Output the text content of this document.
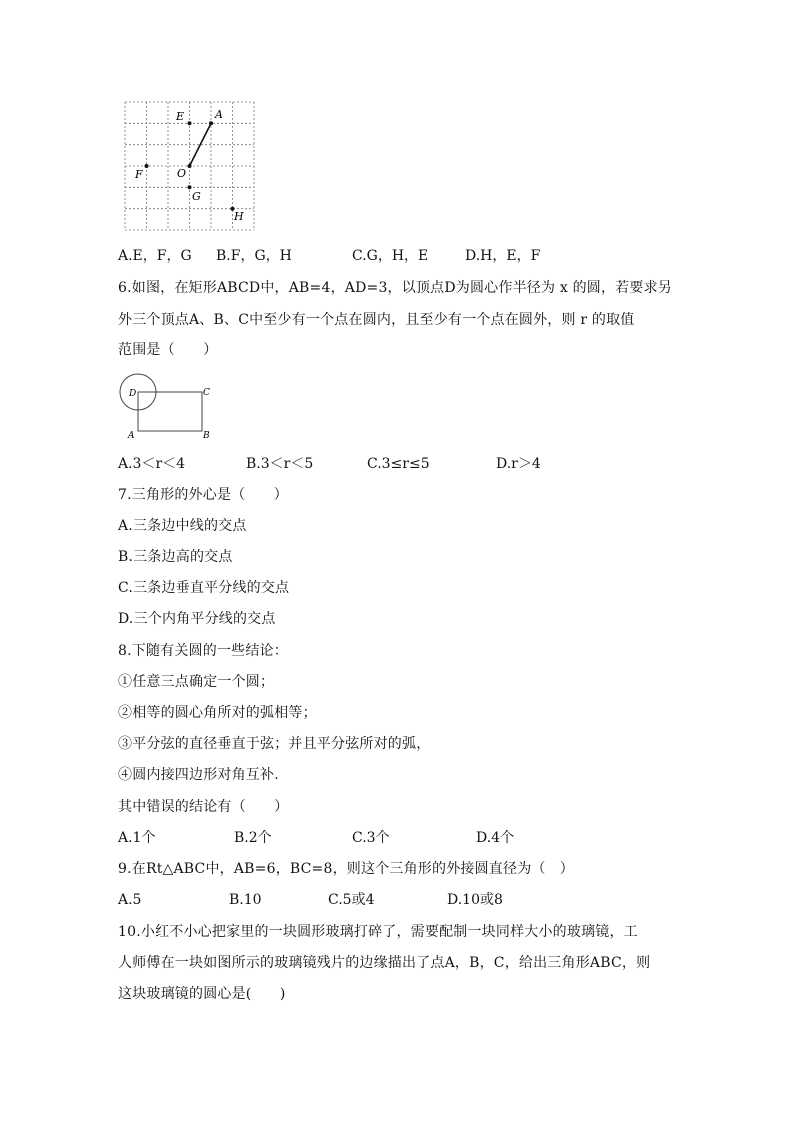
E	A
F	O
G
H
A.E，F，G B.F，G，H	C.G，H，E	D.H，E，F
6.如图，在矩形ABCD中，AB=4，AD=3，以顶点D为圆心作半径为 x 的圆，若要求另
外三个顶点A、B、C中至少有一个点在圆内，且至少有一个点在圆外，则 r 的取值
范围是（　　）
D	C
A	B
A.3＜r＜4	B.3＜r＜5	C.3≤r≤5	D.r＞4
7.三角形的外心是（　　）
A.三条边中线的交点
B.三条边高的交点
C.三条边垂直平分线的交点
D.三个内角平分线的交点
8.下随有关圆的一些结论：
①任意三点确定一个圆；
②相等的圆心角所对的弧相等；
③平分弦的直径垂直于弦；并且平分弦所对的弧，
④圆内接四边形对角互补.
其中错误的结论有（　　）
A.1个	B.2个	C.3个	D.4个
9.在Rt△ABC中，AB=6，BC=8，则这个三角形的外接圆直径为（　）
A.5	B.10	C.5或4	D.10或8
10.小红不小心把家里的一块圆形玻璃打碎了，需要配制一块同样大小的玻璃镜，工
人师傅在一块如图所示的玻璃镜残片的边缘描出了点A，B，C，给出三角形ABC，则
这块玻璃镜的圆心是(　　)
